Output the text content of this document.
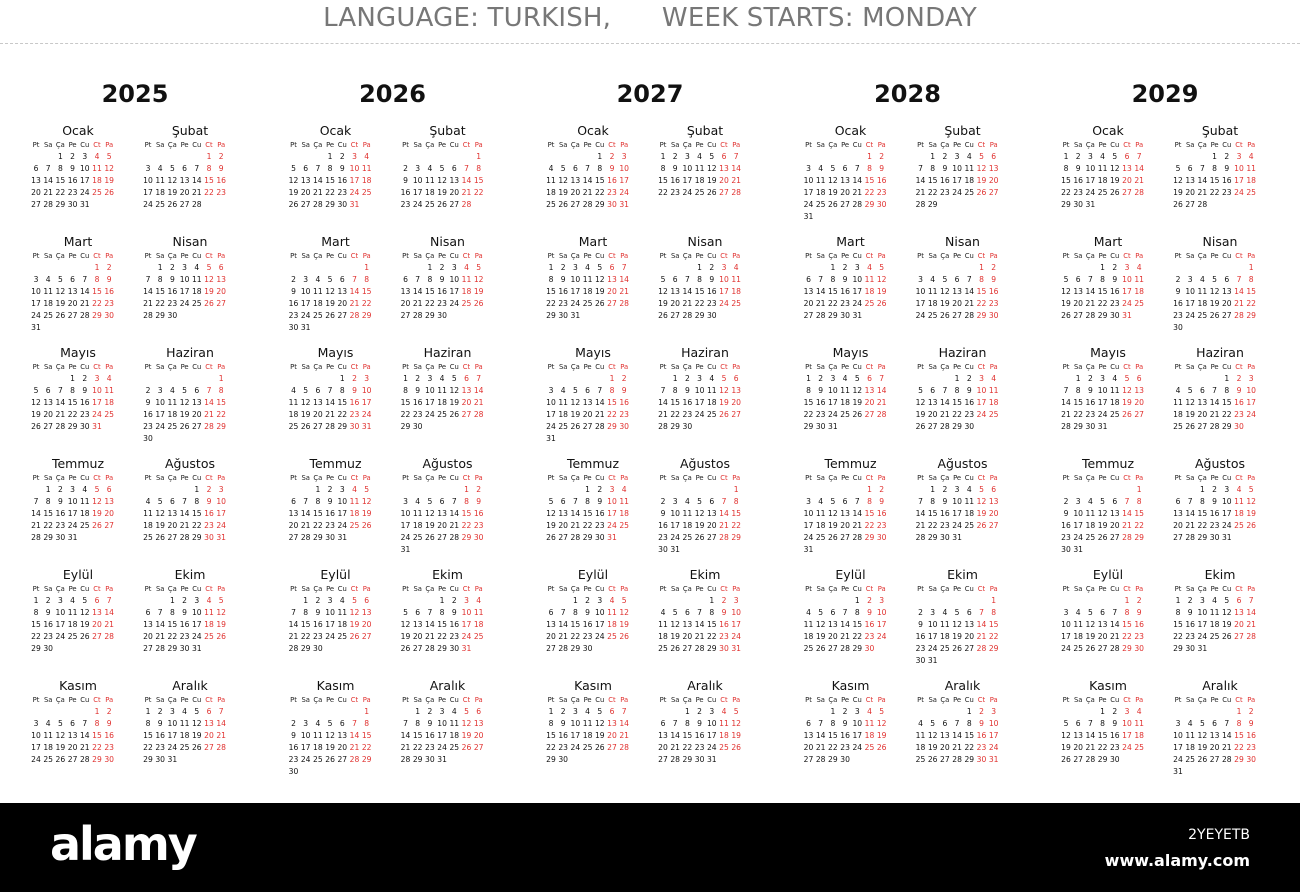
LANGUAGE: TURKISH,      WEEK STARTS: MONDAY
2025
Ocak
Pt Sa Ça Pe Cu Ct Pa
1 2 3 4 5
6 7 8 9 10 11 12
13 14 15 16 17 18 19
20 21 22 23 24 25 26
27 28 29 30 31
Şubat
Pt Sa Ça Pe Cu Ct Pa
1 2
3 4 5 6 7 8 9
10 11 12 13 14 15 16
17 18 19 20 21 22 23
24 25 26 27 28
Mart
Pt Sa Ça Pe Cu Ct Pa
1 2
3 4 5 6 7 8 9
10 11 12 13 14 15 16
17 18 19 20 21 22 23
24 25 26 27 28 29 30
31
Nisan
Pt Sa Ça Pe Cu Ct Pa
1 2 3 4 5 6
7 8 9 10 11 12 13
14 15 16 17 18 19 20
21 22 23 24 25 26 27
28 29 30
Mayıs
Pt Sa Ça Pe Cu Ct Pa
1 2 3 4
5 6 7 8 9 10 11
12 13 14 15 16 17 18
19 20 21 22 23 24 25
26 27 28 29 30 31
Haziran
Pt Sa Ça Pe Cu Ct Pa
1
2 3 4 5 6 7 8
9 10 11 12 13 14 15
16 17 18 19 20 21 22
23 24 25 26 27 28 29
30
Temmuz
Pt Sa Ça Pe Cu Ct Pa
1 2 3 4 5 6
7 8 9 10 11 12 13
14 15 16 17 18 19 20
21 22 23 24 25 26 27
28 29 30 31
Ağustos
Pt Sa Ça Pe Cu Ct Pa
1 2 3
4 5 6 7 8 9 10
11 12 13 14 15 16 17
18 19 20 21 22 23 24
25 26 27 28 29 30 31
Eylül
Pt Sa Ça Pe Cu Ct Pa
1 2 3 4 5 6 7
8 9 10 11 12 13 14
15 16 17 18 19 20 21
22 23 24 25 26 27 28
29 30
Ekim
Pt Sa Ça Pe Cu Ct Pa
1 2 3 4 5
6 7 8 9 10 11 12
13 14 15 16 17 18 19
20 21 22 23 24 25 26
27 28 29 30 31
Kasım
Pt Sa Ça Pe Cu Ct Pa
1 2
3 4 5 6 7 8 9
10 11 12 13 14 15 16
17 18 19 20 21 22 23
24 25 26 27 28 29 30
Aralık
Pt Sa Ça Pe Cu Ct Pa
1 2 3 4 5 6 7
8 9 10 11 12 13 14
15 16 17 18 19 20 21
22 23 24 25 26 27 28
29 30 31
2026
Ocak
Pt Sa Ça Pe Cu Ct Pa
1 2 3 4
5 6 7 8 9 10 11
12 13 14 15 16 17 18
19 20 21 22 23 24 25
26 27 28 29 30 31
Şubat
Pt Sa Ça Pe Cu Ct Pa
1
2 3 4 5 6 7 8
9 10 11 12 13 14 15
16 17 18 19 20 21 22
23 24 25 26 27 28
Mart
Pt Sa Ça Pe Cu Ct Pa
1
2 3 4 5 6 7 8
9 10 11 12 13 14 15
16 17 18 19 20 21 22
23 24 25 26 27 28 29
30 31
Nisan
Pt Sa Ça Pe Cu Ct Pa
1 2 3 4 5
6 7 8 9 10 11 12
13 14 15 16 17 18 19
20 21 22 23 24 25 26
27 28 29 30
Mayıs
Pt Sa Ça Pe Cu Ct Pa
1 2 3
4 5 6 7 8 9 10
11 12 13 14 15 16 17
18 19 20 21 22 23 24
25 26 27 28 29 30 31
Haziran
Pt Sa Ça Pe Cu Ct Pa
1 2 3 4 5 6 7
8 9 10 11 12 13 14
15 16 17 18 19 20 21
22 23 24 25 26 27 28
29 30
Temmuz
Pt Sa Ça Pe Cu Ct Pa
1 2 3 4 5
6 7 8 9 10 11 12
13 14 15 16 17 18 19
20 21 22 23 24 25 26
27 28 29 30 31
Ağustos
Pt Sa Ça Pe Cu Ct Pa
1 2
3 4 5 6 7 8 9
10 11 12 13 14 15 16
17 18 19 20 21 22 23
24 25 26 27 28 29 30
31
Eylül
Pt Sa Ça Pe Cu Ct Pa
1 2 3 4 5 6
7 8 9 10 11 12 13
14 15 16 17 18 19 20
21 22 23 24 25 26 27
28 29 30
Ekim
Pt Sa Ça Pe Cu Ct Pa
1 2 3 4
5 6 7 8 9 10 11
12 13 14 15 16 17 18
19 20 21 22 23 24 25
26 27 28 29 30 31
Kasım
Pt Sa Ça Pe Cu Ct Pa
1
2 3 4 5 6 7 8
9 10 11 12 13 14 15
16 17 18 19 20 21 22
23 24 25 26 27 28 29
30
Aralık
Pt Sa Ça Pe Cu Ct Pa
1 2 3 4 5 6
7 8 9 10 11 12 13
14 15 16 17 18 19 20
21 22 23 24 25 26 27
28 29 30 31
2027
Ocak
Pt Sa Ça Pe Cu Ct Pa
1 2 3
4 5 6 7 8 9 10
11 12 13 14 15 16 17
18 19 20 21 22 23 24
25 26 27 28 29 30 31
Şubat
Pt Sa Ça Pe Cu Ct Pa
1 2 3 4 5 6 7
8 9 10 11 12 13 14
15 16 17 18 19 20 21
22 23 24 25 26 27 28
Mart
Pt Sa Ça Pe Cu Ct Pa
1 2 3 4 5 6 7
8 9 10 11 12 13 14
15 16 17 18 19 20 21
22 23 24 25 26 27 28
29 30 31
Nisan
Pt Sa Ça Pe Cu Ct Pa
1 2 3 4
5 6 7 8 9 10 11
12 13 14 15 16 17 18
19 20 21 22 23 24 25
26 27 28 29 30
Mayıs
Pt Sa Ça Pe Cu Ct Pa
1 2
3 4 5 6 7 8 9
10 11 12 13 14 15 16
17 18 19 20 21 22 23
24 25 26 27 28 29 30
31
Haziran
Pt Sa Ça Pe Cu Ct Pa
1 2 3 4 5 6
7 8 9 10 11 12 13
14 15 16 17 18 19 20
21 22 23 24 25 26 27
28 29 30
Temmuz
Pt Sa Ça Pe Cu Ct Pa
1 2 3 4
5 6 7 8 9 10 11
12 13 14 15 16 17 18
19 20 21 22 23 24 25
26 27 28 29 30 31
Ağustos
Pt Sa Ça Pe Cu Ct Pa
1
2 3 4 5 6 7 8
9 10 11 12 13 14 15
16 17 18 19 20 21 22
23 24 25 26 27 28 29
30 31
Eylül
Pt Sa Ça Pe Cu Ct Pa
1 2 3 4 5
6 7 8 9 10 11 12
13 14 15 16 17 18 19
20 21 22 23 24 25 26
27 28 29 30
Ekim
Pt Sa Ça Pe Cu Ct Pa
1 2 3
4 5 6 7 8 9 10
11 12 13 14 15 16 17
18 19 20 21 22 23 24
25 26 27 28 29 30 31
Kasım
Pt Sa Ça Pe Cu Ct Pa
1 2 3 4 5 6 7
8 9 10 11 12 13 14
15 16 17 18 19 20 21
22 23 24 25 26 27 28
29 30
Aralık
Pt Sa Ça Pe Cu Ct Pa
1 2 3 4 5
6 7 8 9 10 11 12
13 14 15 16 17 18 19
20 21 22 23 24 25 26
27 28 29 30 31
2028
Ocak
Pt Sa Ça Pe Cu Ct Pa
1 2
3 4 5 6 7 8 9
10 11 12 13 14 15 16
17 18 19 20 21 22 23
24 25 26 27 28 29 30
31
Şubat
Pt Sa Ça Pe Cu Ct Pa
1 2 3 4 5 6
7 8 9 10 11 12 13
14 15 16 17 18 19 20
21 22 23 24 25 26 27
28 29
Mart
Pt Sa Ça Pe Cu Ct Pa
1 2 3 4 5
6 7 8 9 10 11 12
13 14 15 16 17 18 19
20 21 22 23 24 25 26
27 28 29 30 31
Nisan
Pt Sa Ça Pe Cu Ct Pa
1 2
3 4 5 6 7 8 9
10 11 12 13 14 15 16
17 18 19 20 21 22 23
24 25 26 27 28 29 30
Mayıs
Pt Sa Ça Pe Cu Ct Pa
1 2 3 4 5 6 7
8 9 10 11 12 13 14
15 16 17 18 19 20 21
22 23 24 25 26 27 28
29 30 31
Haziran
Pt Sa Ça Pe Cu Ct Pa
1 2 3 4
5 6 7 8 9 10 11
12 13 14 15 16 17 18
19 20 21 22 23 24 25
26 27 28 29 30
Temmuz
Pt Sa Ça Pe Cu Ct Pa
1 2
3 4 5 6 7 8 9
10 11 12 13 14 15 16
17 18 19 20 21 22 23
24 25 26 27 28 29 30
31
Ağustos
Pt Sa Ça Pe Cu Ct Pa
1 2 3 4 5 6
7 8 9 10 11 12 13
14 15 16 17 18 19 20
21 22 23 24 25 26 27
28 29 30 31
Eylül
Pt Sa Ça Pe Cu Ct Pa
1 2 3
4 5 6 7 8 9 10
11 12 13 14 15 16 17
18 19 20 21 22 23 24
25 26 27 28 29 30
Ekim
Pt Sa Ça Pe Cu Ct Pa
1
2 3 4 5 6 7 8
9 10 11 12 13 14 15
16 17 18 19 20 21 22
23 24 25 26 27 28 29
30 31
Kasım
Pt Sa Ça Pe Cu Ct Pa
1 2 3 4 5
6 7 8 9 10 11 12
13 14 15 16 17 18 19
20 21 22 23 24 25 26
27 28 29 30
Aralık
Pt Sa Ça Pe Cu Ct Pa
1 2 3
4 5 6 7 8 9 10
11 12 13 14 15 16 17
18 19 20 21 22 23 24
25 26 27 28 29 30 31
2029
Ocak
Pt Sa Ça Pe Cu Ct Pa
1 2 3 4 5 6 7
8 9 10 11 12 13 14
15 16 17 18 19 20 21
22 23 24 25 26 27 28
29 30 31
Şubat
Pt Sa Ça Pe Cu Ct Pa
1 2 3 4
5 6 7 8 9 10 11
12 13 14 15 16 17 18
19 20 21 22 23 24 25
26 27 28
Mart
Pt Sa Ça Pe Cu Ct Pa
1 2 3 4
5 6 7 8 9 10 11
12 13 14 15 16 17 18
19 20 21 22 23 24 25
26 27 28 29 30 31
Nisan
Pt Sa Ça Pe Cu Ct Pa
1
2 3 4 5 6 7 8
9 10 11 12 13 14 15
16 17 18 19 20 21 22
23 24 25 26 27 28 29
30
Mayıs
Pt Sa Ça Pe Cu Ct Pa
1 2 3 4 5 6
7 8 9 10 11 12 13
14 15 16 17 18 19 20
21 22 23 24 25 26 27
28 29 30 31
Haziran
Pt Sa Ça Pe Cu Ct Pa
1 2 3
4 5 6 7 8 9 10
11 12 13 14 15 16 17
18 19 20 21 22 23 24
25 26 27 28 29 30
Temmuz
Pt Sa Ça Pe Cu Ct Pa
1
2 3 4 5 6 7 8
9 10 11 12 13 14 15
16 17 18 19 20 21 22
23 24 25 26 27 28 29
30 31
Ağustos
Pt Sa Ça Pe Cu Ct Pa
1 2 3 4 5
6 7 8 9 10 11 12
13 14 15 16 17 18 19
20 21 22 23 24 25 26
27 28 29 30 31
Eylül
Pt Sa Ça Pe Cu Ct Pa
1 2
3 4 5 6 7 8 9
10 11 12 13 14 15 16
17 18 19 20 21 22 23
24 25 26 27 28 29 30
Ekim
Pt Sa Ça Pe Cu Ct Pa
1 2 3 4 5 6 7
8 9 10 11 12 13 14
15 16 17 18 19 20 21
22 23 24 25 26 27 28
29 30 31
Kasım
Pt Sa Ça Pe Cu Ct Pa
1 2 3 4
5 6 7 8 9 10 11
12 13 14 15 16 17 18
19 20 21 22 23 24 25
26 27 28 29 30
Aralık
Pt Sa Ça Pe Cu Ct Pa
1 2
3 4 5 6 7 8 9
10 11 12 13 14 15 16
17 18 19 20 21 22 23
24 25 26 27 28 29 30
31
alamy	2YEYETB
www.alamy.com
